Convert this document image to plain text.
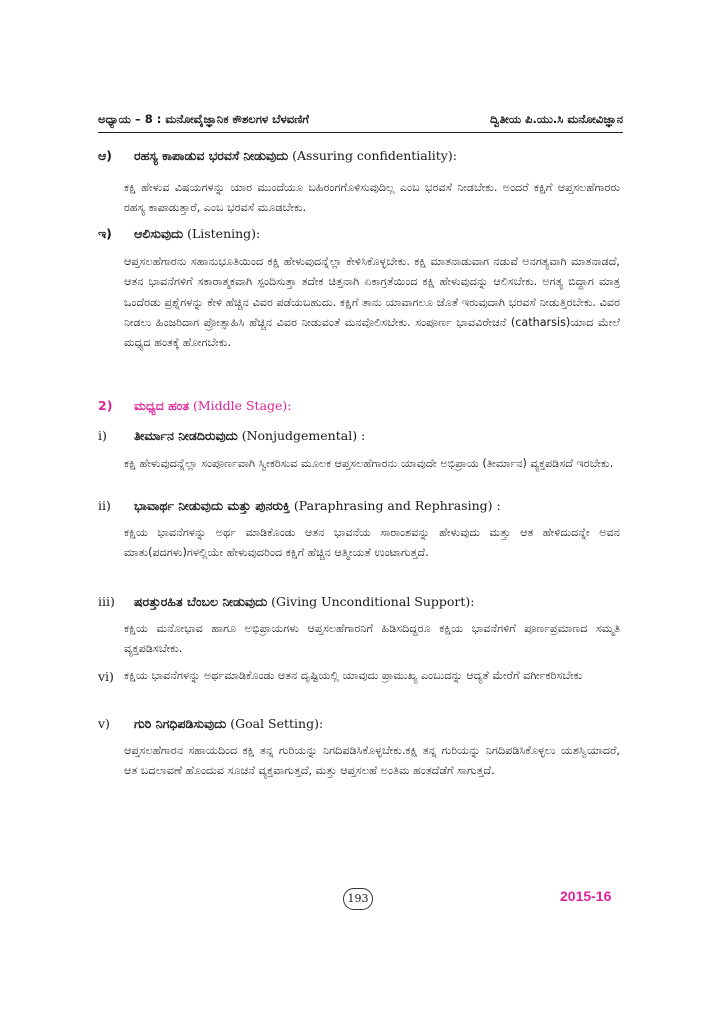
ಅಧ್ಯಾಯ – 8 : ಮನೋವೈಜ್ಞಾನಿಕ ಕೌಶಲಗಳ ಬೆಳವಣಿಗೆ	ದ್ವಿತೀಯ ಪಿ.ಯು.ಸಿ ಮನೋವಿಜ್ಞಾನ
ಆ) ರಹಸ್ಯ ಕಾಪಾಡುವ ಭರವಸೆ ನೀಡುವುದು (Assuring confidentiality):

ಕಕ್ಷಿ ಹೇಳುವ ವಿಷಯಗಳನ್ನು ಯಾರ ಮುಂದೆಯೂ ಬಹಿರಂಗಗೊಳಿಸುವುದಿಲ್ಲ ಎಂಬ ಭರವಸೆ ನೀಡಬೇಕು. ಅಂದರೆ ಕಕ್ಷಿಗೆ ಆಪ್ತಸಲಹೆಗಾರರು ರಹಸ್ಯ ಕಾಪಾಡುತ್ತಾರೆ, ಎಂಬ ಭರವಸೆ ಮೂಡಬೇಕು.

ಇ) ಆಲಿಸುವುದು (Listening):

ಆಪ್ತಸಲಹೆಗಾರನು ಸಹಾನುಭೂತಿಯಿಂದ ಕಕ್ಷಿ ಹೇಳುವುದನ್ನೆಲ್ಲಾ ಕೇಳಿಸಿಕೊಳ್ಳಬೇಕು. ಕಕ್ಷಿ ಮಾತನಾಡುವಾಗ ನಡುವೆ ಅನಗತ್ಯವಾಗಿ ಮಾತನಾಡದೆ, ಆತನ ಭಾವನೆಗಳಿಗೆ ಸಕಾರಾತ್ಮಕವಾಗಿ ಸ್ಪಂದಿಸುತ್ತಾ ತದೇಕ ಚಿತ್ತನಾಗಿ ಏಕಾಗ್ರತೆಯಿಂದ ಕಕ್ಷಿ ಹೇಳುವುದನ್ನು ಆಲಿಸಬೇಕು. ಅಗತ್ಯ ಬಿದ್ದಾಗ ಮಾತ್ರ ಒಂದೆರಡು ಪ್ರಶ್ನೆಗಳನ್ನು ಕೇಳಿ ಹೆಚ್ಚಿನ ವಿವರ ಪಡೆಯಬಹುದು. ಕಕ್ಷಿಗೆ ತಾನು ಯಾವಾಗಲೂ ಜೊತೆ ಇರುವುದಾಗಿ ಭರವಸೆ ನೀಡುತ್ತಿರಬೇಕು. ವಿವರ ನೀಡಲು ಹಿಂಜರಿದಾಗ ಪ್ರೋತ್ಸಾಹಿಸಿ ಹೆಚ್ಚಿನ ವಿವರ ನೀಡುವಂತೆ ಮನವೊಲಿಸಬೇಕು. ಸಂಪೂರ್ಣ ಭಾವವಿರೇಚನೆ (catharsis)ಯಾದ ಮೇಲೆ ಮಧ್ಯದ ಹಂತಕ್ಕೆ ಹೋಗಬೇಕು.

2) ಮಧ್ಯದ ಹಂತ (Middle Stage):
i) ತೀರ್ಮಾನ ನೀಡದಿರುವುದು (Nonjudgemental) :

ಕಕ್ಷಿ ಹೇಳುವುದನ್ನೆಲ್ಲಾ ಸಂಪೂರ್ಣವಾಗಿ ಸ್ವೀಕರಿಸುವ ಮೂಲಕ ಆಪ್ತಸಲಹೆಗಾರನು ಯಾವುದೇ ಅಭಿಪ್ರಾಯ (ತೀರ್ಮಾನ) ವ್ಯಕ್ತಪಡಿಸದೆ ಇರಬೇಕು.

ii) ಭಾವಾರ್ಥ ನೀಡುವುದು ಮತ್ತು ಪುನರುಕ್ತಿ (Paraphrasing and Rephrasing) :

ಕಕ್ಷಿಯ ಭಾವನೆಗಳನ್ನು ಅರ್ಥ ಮಾಡಿಕೊಂಡು ಆತನ ಭಾವನೆಯ ಸಾರಾಂಶವನ್ನು ಹೇಳುವುದು ಮತ್ತು ಆತ ಹೇಳಿದುದನ್ನೇ ಅವನ ಮಾತು(ಪದಗಳು)ಗಳಲ್ಲಿಯೇ ಹೇಳುವುದರಿಂದ ಕಕ್ಷಿಗೆ ಹೆಚ್ಚಿನ ಆತ್ಮೀಯತೆ ಉಂಟಾಗುತ್ತದೆ.

iii) ಷರತ್ತುರಹಿತ ಬೆಂಬಲ ನೀಡುವುದು (Giving Unconditional Support):

ಕಕ್ಷಿಯ ಮನೋಭಾವ ಹಾಗೂ ಅಭಿಪ್ರಾಯಗಳು ಆಪ್ತಸಲಹೆಗಾರನಿಗೆ ಹಿಡಿಸದಿದ್ದರೂ ಕಕ್ಷಿಯ ಭಾವನೆಗಳಿಗೆ ಪೂರ್ಣಪ್ರಮಾಣದ ಸಮ್ಮತಿ ವ್ಯಕ್ತಪಡಿಸಬೇಕು.

vi) ಕಕ್ಷಿಯ ಭಾವನೆಗಳನ್ನು ಅರ್ಥಮಾಡಿಕೊಂಡು ಆತನ ದೃಷ್ಟಿಯಲ್ಲಿ ಯಾವುದು ಪ್ರಾಮುಖ್ಯ ಎಂಬುದನ್ನು ಆದ್ಯತೆ ಮೇರೆಗೆ ವರ್ಗೀಕರಿಸಬೇಕು

v) ಗುರಿ ನಿಗಧಿಪಡಿಸುವುದು (Goal Setting):

ಆಪ್ತಸಲಹೆಗಾರನ ಸಹಾಯದಿಂದ ಕಕ್ಷಿ ತನ್ನ ಗುರಿಯನ್ನು ನಿಗದಿಪಡಿಸಿಕೊಳ್ಳಬೇಕು.ಕಕ್ಷಿ ತನ್ನ ಗುರಿಯನ್ನು ನಿಗದಿಪಡಿಸಿಕೊಳ್ಳಲು ಯಶಸ್ವಿಯಾದರೆ, ಆತ ಬದಲಾವಣೆ ಹೊಂದುವ ಸೂಚನೆ ವ್ಯಕ್ತವಾಗುತ್ತದೆ, ಮತ್ತು ಆಪ್ತಸಲಹೆ ಅಂತಿಮ ಹಂತದೆಡೆಗೆ ಸಾಗುತ್ತದೆ.

193	2015-16
